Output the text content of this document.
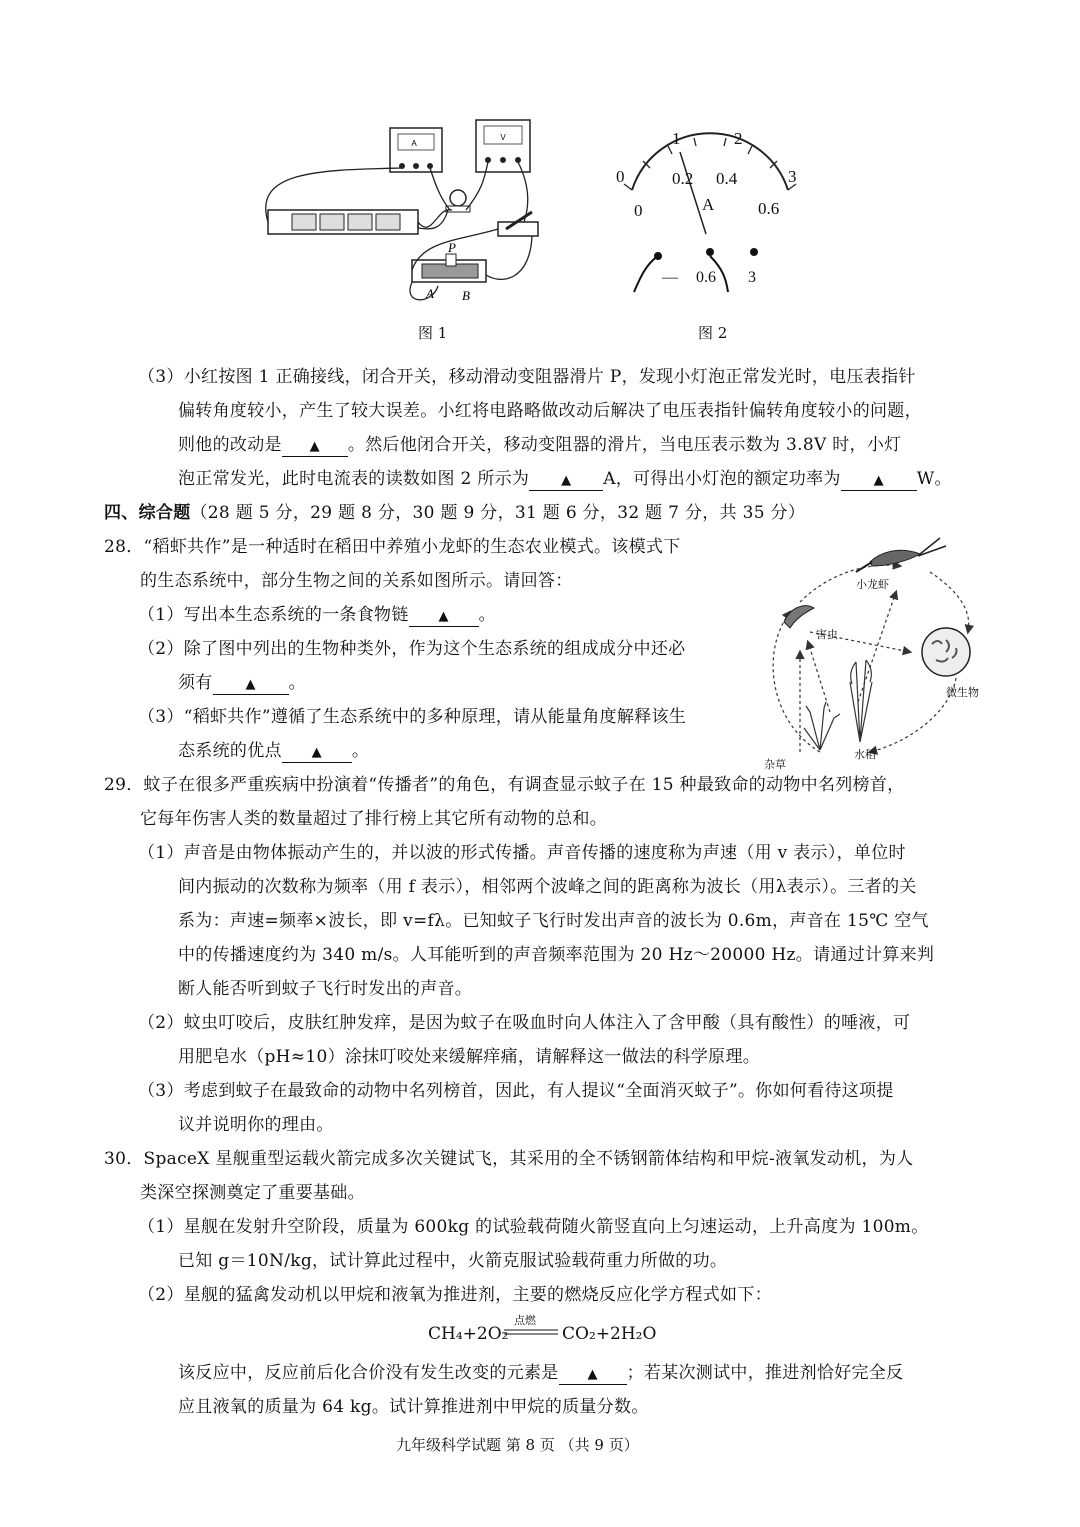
A
V
P
A B
0
1	2
3
0
0.2 0.4
0.6
A
— 0.6 3
图 1	图 2
（3）小红按图 1 正确接线，闭合开关，移动滑动变阻器滑片 P，发现小灯泡正常发光时，电压表指针
偏转角度较小，产生了较大误差。小红将电路略做改动后解决了电压表指针偏转角度较小的问题，
则他的改动是 ▲ 。然后他闭合开关，移动变阻器的滑片，当电压表示数为 3.8V 时，小灯
泡正常发光，此时电流表的读数如图 2 所示为 ▲ A，可得出小灯泡的额定功率为	▲ W。
四、综合题（28 题 5 分，29 题 8 分，30 题 9 分，31 题 6 分，32 题 7 分，共 35 分）
28．“稻虾共作”是一种适时在稻田中养殖小龙虾的生态农业模式。该模式下
的生态系统中，部分生物之间的关系如图所示。请回答：
（1）写出本生态系统的一条食物链 ▲ 。
（2）除了图中列出的生物种类外，作为这个生态系统的组成成分中还必
须有	▲ 。
（3）“稻虾共作”遵循了生态系统中的多种原理，请从能量角度解释该生
态系统的优点 ▲ 。
小龙虾
害虫
微生物
杂草
水稻
29．蚊子在很多严重疾病中扮演着“传播者”的角色，有调查显示蚊子在 15 种最致命的动物中名列榜首，
它每年伤害人类的数量超过了排行榜上其它所有动物的总和。
（1）声音是由物体振动产生的，并以波的形式传播。声音传播的速度称为声速（用 v 表示），单位时
间内振动的次数称为频率（用 f 表示），相邻两个波峰之间的距离称为波长（用λ表示）。三者的关
系为：声速=频率×波长，即 v=fλ。已知蚊子飞行时发出声音的波长为 0.6m，声音在 15℃ 空气
中的传播速度约为 340 m/s。人耳能听到的声音频率范围为 20 Hz～20000 Hz。请通过计算来判
断人能否听到蚊子飞行时发出的声音。
（2）蚊虫叮咬后，皮肤红肿发痒，是因为蚊子在吸血时向人体注入了含甲酸（具有酸性）的唾液，可
用肥皂水（pH≈10）涂抹叮咬处来缓解痒痛，请解释这一做法的科学原理。
（3）考虑到蚊子在最致命的动物中名列榜首，因此，有人提议“全面消灭蚊子”。你如何看待这项提
议并说明你的理由。
30．SpaceX 星舰重型运载火箭完成多次关键试飞，其采用的全不锈钢箭体结构和甲烷-液氧发动机，为人
类深空探测奠定了重要基础。
（1）星舰在发射升空阶段，质量为 600kg 的试验载荷随火箭竖直向上匀速运动，上升高度为 100m。
已知 g＝10N/kg，试计算此过程中，火箭克服试验载荷重力所做的功。
（2）星舰的猛禽发动机以甲烷和液氧为推进剂，主要的燃烧反应化学方程式如下：
CH₄+2O₂
点燃
CO₂+2H₂O
该反应中，反应前后化合价没有发生改变的元素是 ▲ ；若某次测试中，推进剂恰好完全反
应且液氧的质量为 64 kg。试计算推进剂中甲烷的质量分数。
九年级科学试题 第 8 页 （共 9 页）
